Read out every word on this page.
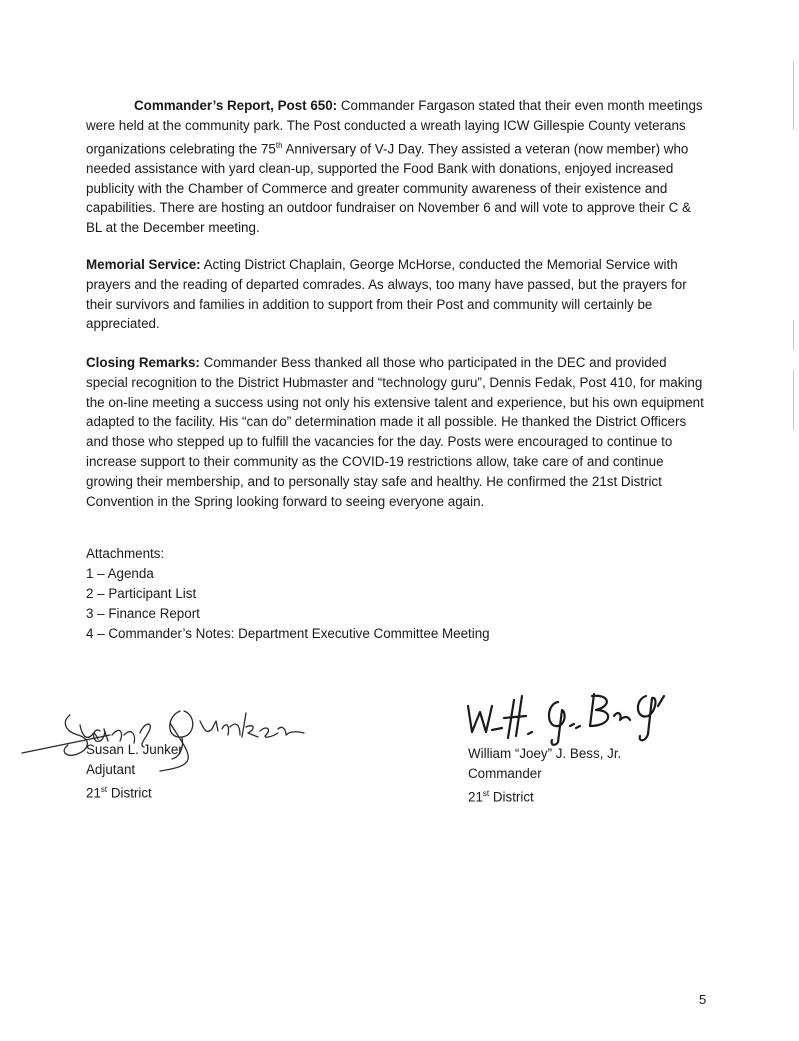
Commander’s Report, Post 650: Commander Fargason stated that their even month meetings were held at the community park. The Post conducted a wreath laying ICW Gillespie County veterans organizations celebrating the 75th Anniversary of V-J Day. They assisted a veteran (now member) who needed assistance with yard clean-up, supported the Food Bank with donations, enjoyed increased publicity with the Chamber of Commerce and greater community awareness of their existence and capabilities. There are hosting an outdoor fundraiser on November 6 and will vote to approve their C & BL at the December meeting.

Memorial Service: Acting District Chaplain, George McHorse, conducted the Memorial Service with prayers and the reading of departed comrades. As always, too many have passed, but the prayers for their survivors and families in addition to support from their Post and community will certainly be appreciated.

Closing Remarks: Commander Bess thanked all those who participated in the DEC and provided special recognition to the District Hubmaster and “technology guru”, Dennis Fedak, Post 410, for making the on-line meeting a success using not only his extensive talent and experience, but his own equipment adapted to the facility. His “can do” determination made it all possible. He thanked the District Officers and those who stepped up to fulfill the vacancies for the day. Posts were encouraged to continue to increase support to their community as the COVID-19 restrictions allow, take care of and continue growing their membership, and to personally stay safe and healthy. He confirmed the 21st District Convention in the Spring looking forward to seeing everyone again.

Attachments:
1 – Agenda
2 – Participant List
3 – Finance Report
4 – Commander’s Notes: Department Executive Committee Meeting
Susan Junker
Susan L. Junker
Adjutant
21st District
W. J. Bess Jr.
William “Joey” J. Bess, Jr.
Commander
21st District
5
